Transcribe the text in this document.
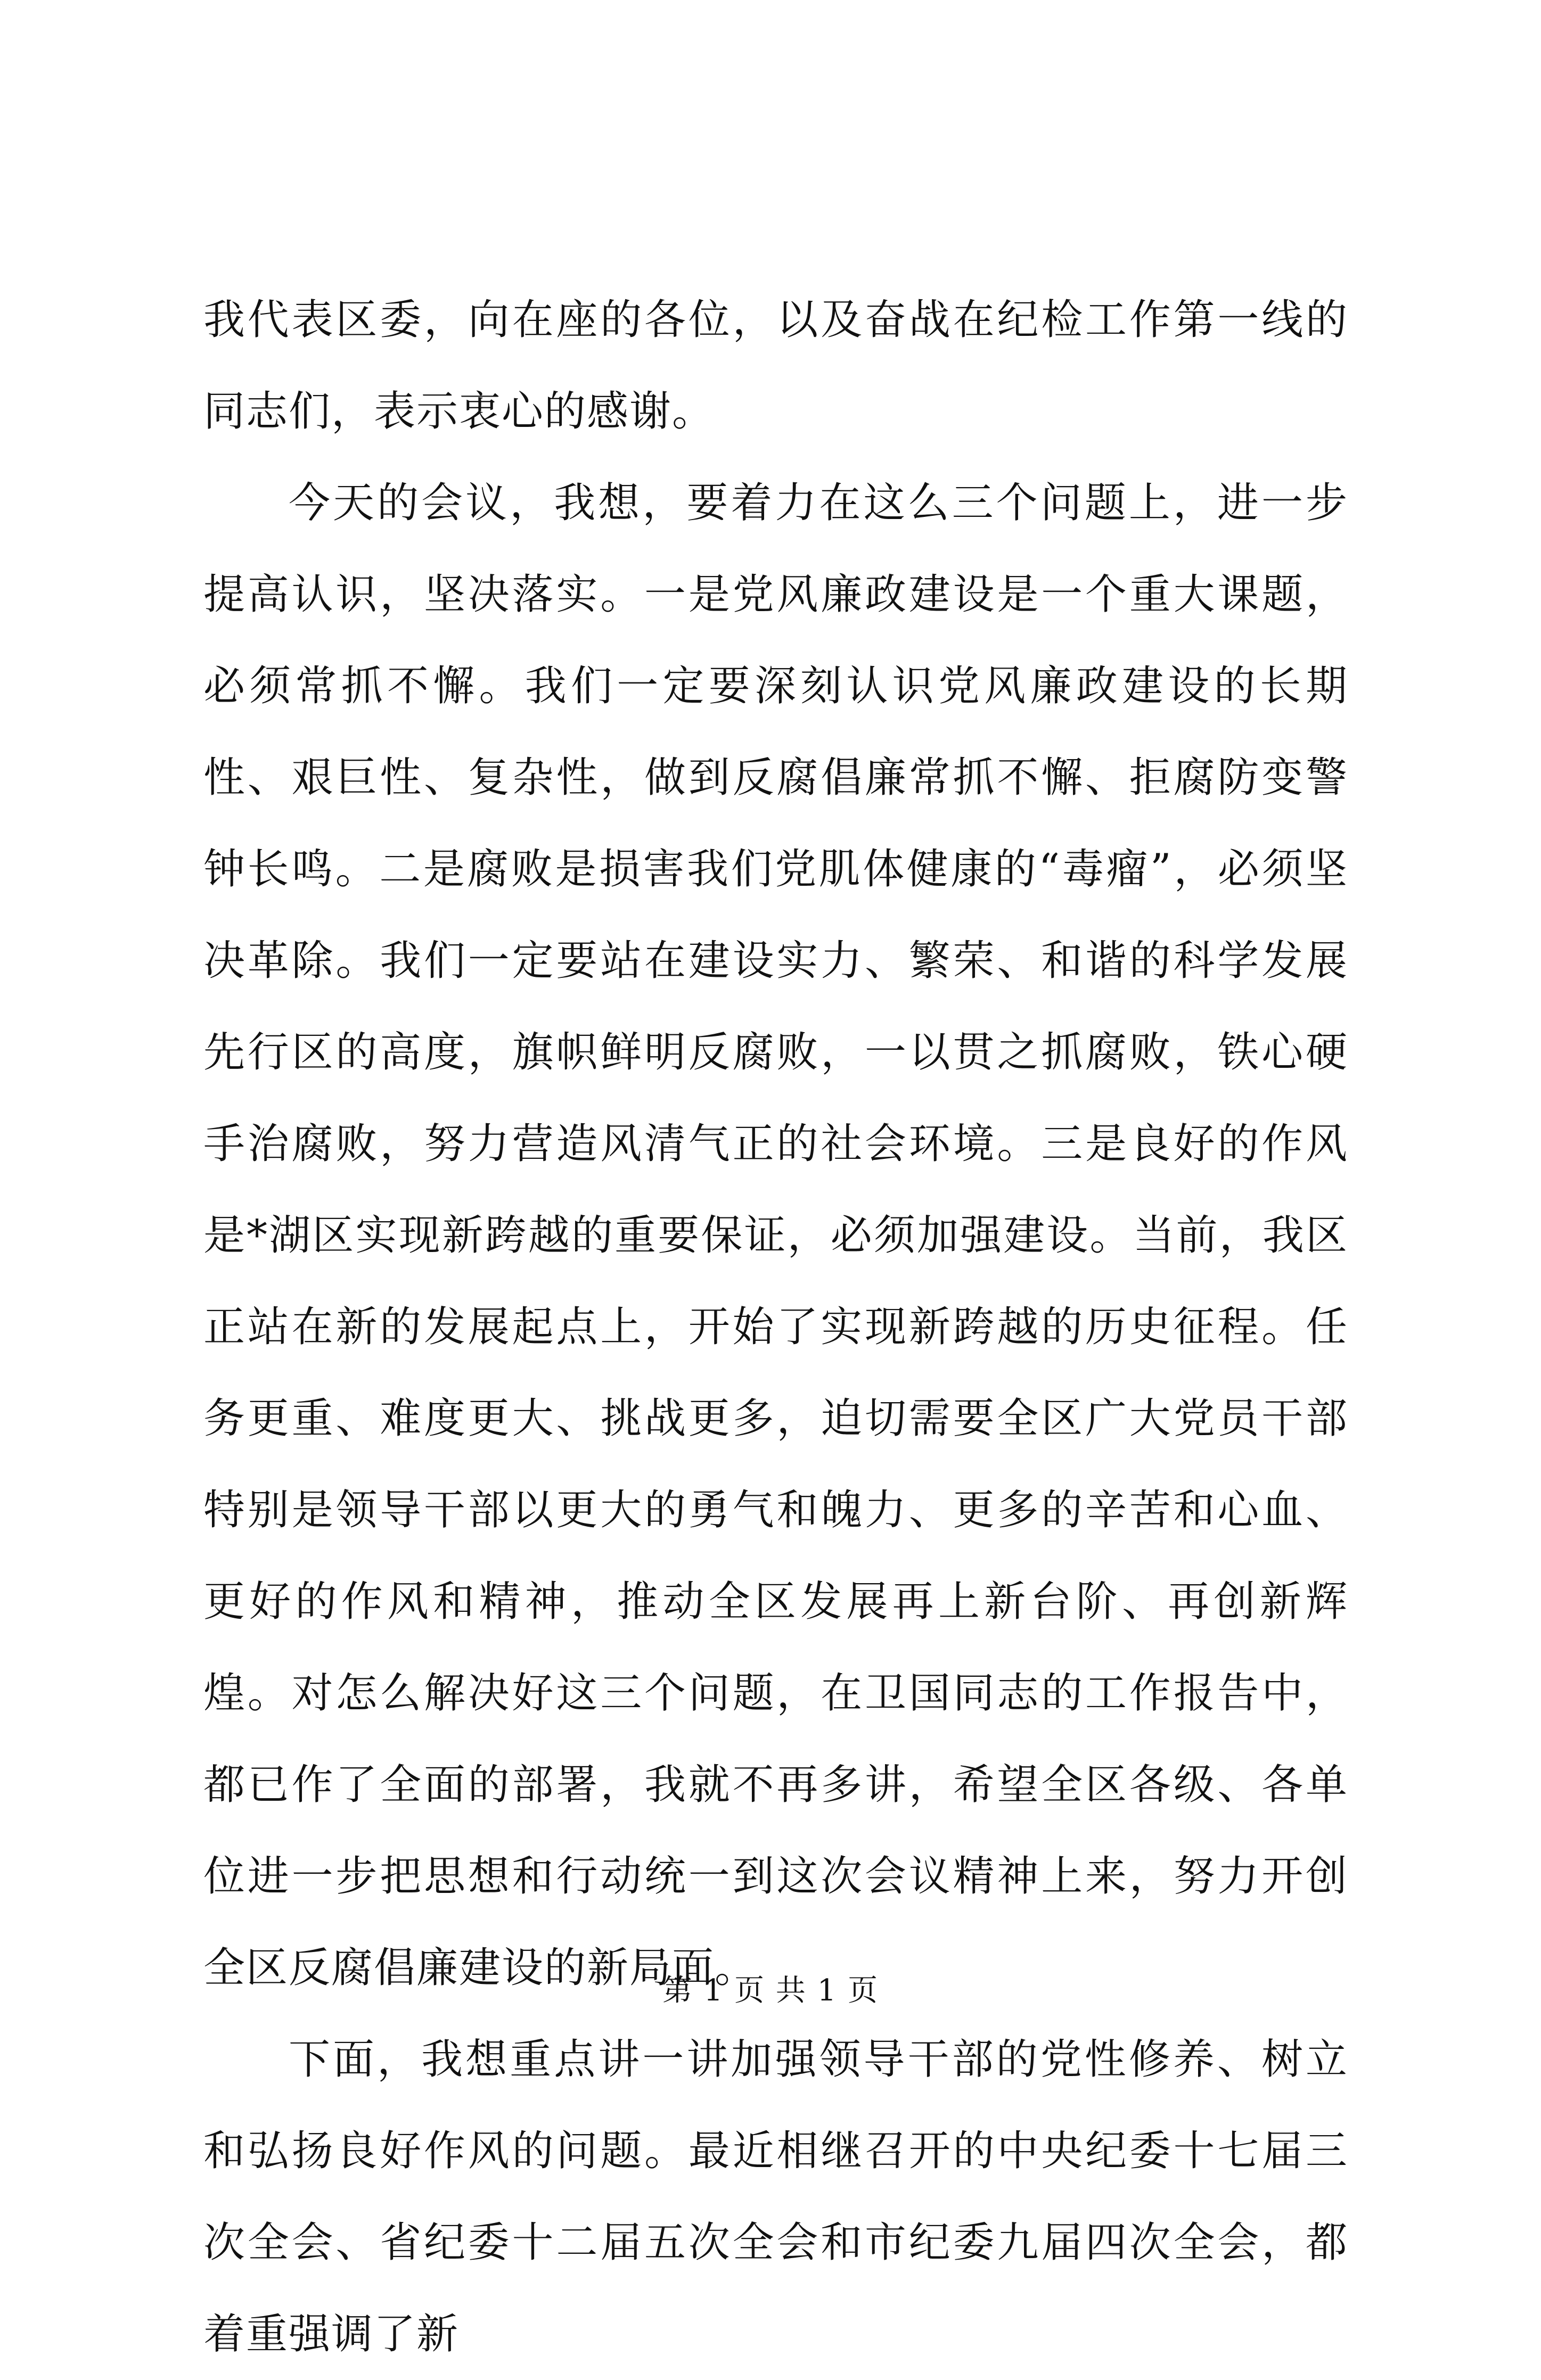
我代表区委，向在座的各位，以及奋战在纪检工作第一线的同志们，表示衷心的感谢。

今天的会议，我想，要着力在这么三个问题上，进一步提高认识，坚决落实。一是党风廉政建设是一个重大课题，必须常抓不懈。我们一定要深刻认识党风廉政建设的长期性、艰巨性、复杂性，做到反腐倡廉常抓不懈、拒腐防变警钟长鸣。二是腐败是损害我们党肌体健康的“毒瘤”，必须坚决革除。我们一定要站在建设实力、繁荣、和谐的科学发展先行区的高度，旗帜鲜明反腐败，一以贯之抓腐败，铁心硬手治腐败，努力营造风清气正的社会环境。三是良好的作风是*湖区实现新跨越的重要保证，必须加强建设。当前，我区正站在新的发展起点上，开始了实现新跨越的历史征程。任务更重、难度更大、挑战更多，迫切需要全区广大党员干部特别是领导干部以更大的勇气和魄力、更多的辛苦和心血、更好的作风和精神，推动全区发展再上新台阶、再创新辉煌。对怎么解决好这三个问题，在卫国同志的工作报告中，都已作了全面的部署，我就不再多讲，希望全区各级、各单位进一步把思想和行动统一到这次会议精神上来，努力开创全区反腐倡廉建设的新局面。

下面，我想重点讲一讲加强领导干部的党性修养、树立和弘扬良好作风的问题。最近相继召开的中央纪委十七届三次全会、省纪委十二届五次全会和市纪委九届四次全会，都着重强调了新

第 1 页 共 1 页
